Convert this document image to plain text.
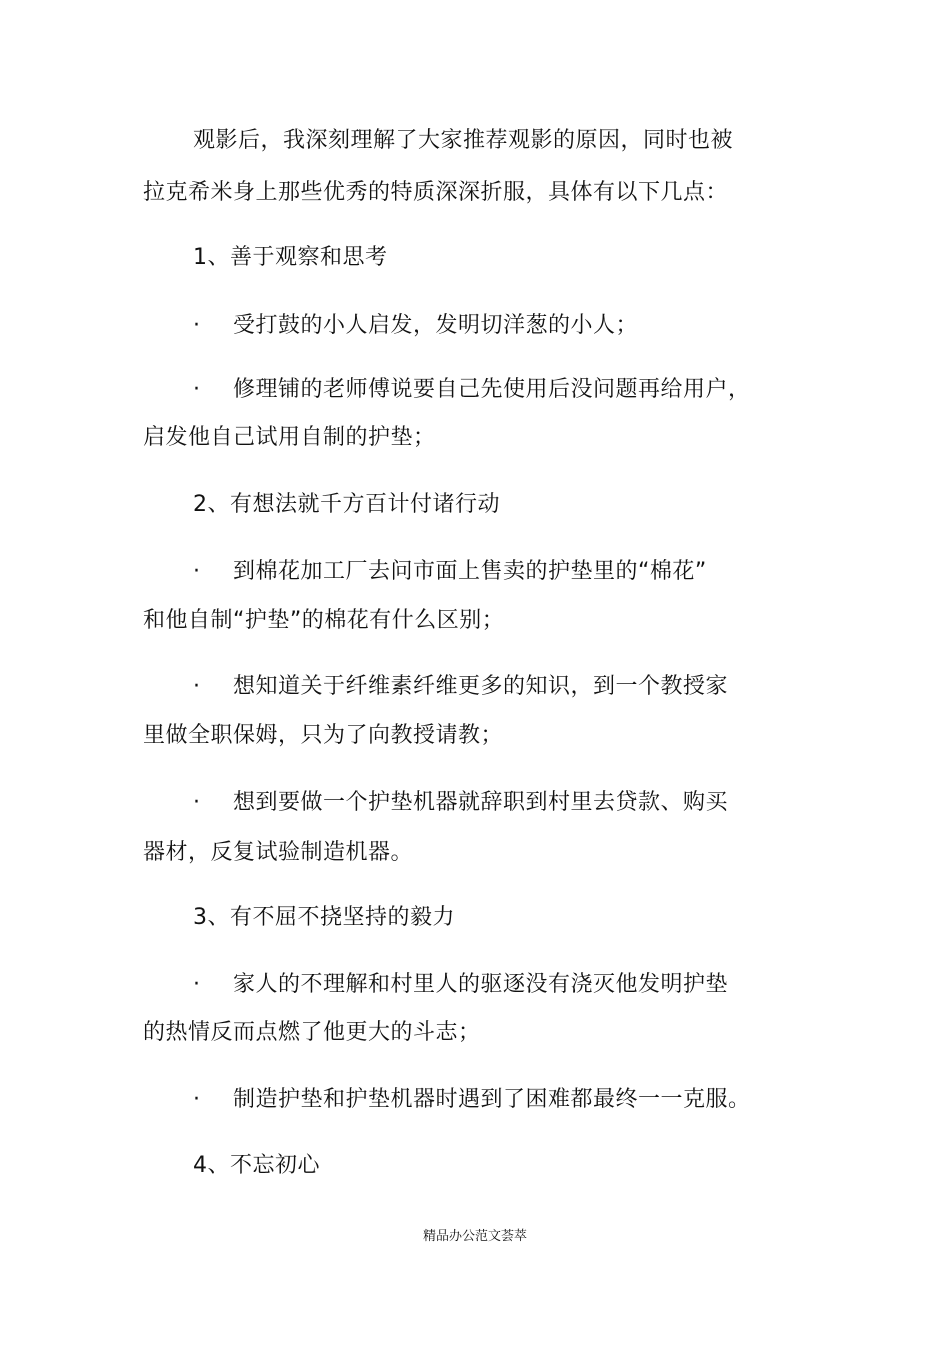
观影后，我深刻理解了大家推荐观影的原因，同时也被
拉克希米身上那些优秀的特质深深折服，具体有以下几点：
1、善于观察和思考
· 受打鼓的小人启发，发明切洋葱的小人；
· 修理铺的老师傅说要自己先使用后没问题再给用户，
启发他自己试用自制的护垫；
2、有想法就千方百计付诸行动
· 到棉花加工厂去问市面上售卖的护垫里的“棉花”
和他自制“护垫”的棉花有什么区别；
· 想知道关于纤维素纤维更多的知识，到一个教授家
里做全职保姆，只为了向教授请教；
· 想到要做一个护垫机器就辞职到村里去贷款、购买
器材，反复试验制造机器。
3、有不屈不挠坚持的毅力
· 家人的不理解和村里人的驱逐没有浇灭他发明护垫
的热情反而点燃了他更大的斗志；
· 制造护垫和护垫机器时遇到了困难都最终一一克服。
4、不忘初心
精品办公范文荟萃
